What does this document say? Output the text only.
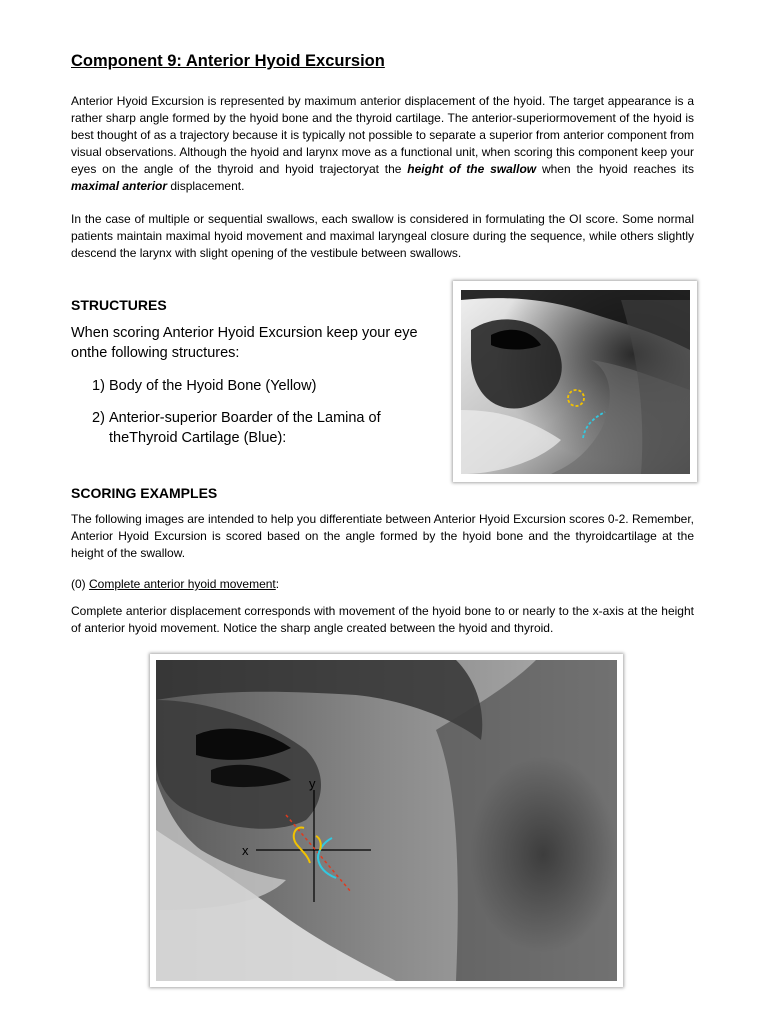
Component 9: Anterior Hyoid Excursion

Anterior Hyoid Excursion is represented by maximum anterior displacement of the hyoid. The target appearance is a rather sharp angle formed by the hyoid bone and the thyroid cartilage. The anterior-superiormovement of the hyoid is best thought of as a trajectory because it is typically not possible to separate a superior from anterior component from visual observations. Although the hyoid and larynx move as a functional unit, when scoring this component keep your eyes on the angle of the thyroid and hyoid trajectoryat the height of the swallow when the hyoid reaches its maximal anterior displacement.

In the case of multiple or sequential swallows, each swallow is considered in formulating the OI score. Some normal patients maintain maximal hyoid movement and maximal laryngeal closure during the sequence, while others slightly descend the larynx with slight opening of the vestibule between swallows.

STRUCTURES

When scoring Anterior Hyoid Excursion keep your eye onthe following structures:

1) Body of the Hyoid Bone (Yellow)
2) Anterior-superior Boarder of the Lamina of theThyroid Cartilage (Blue):
SCORING EXAMPLES

The following images are intended to help you differentiate between Anterior Hyoid Excursion scores 0-2. Remember, Anterior Hyoid Excursion is scored based on the angle formed by the hyoid bone and the thyroidcartilage at the height of the swallow.

(0) Complete anterior hyoid movement:

Complete anterior displacement corresponds with movement of the hyoid bone to or nearly to the x-axis at the height of anterior hyoid movement. Notice the sharp angle created between the hyoid and thyroid.

x
y
